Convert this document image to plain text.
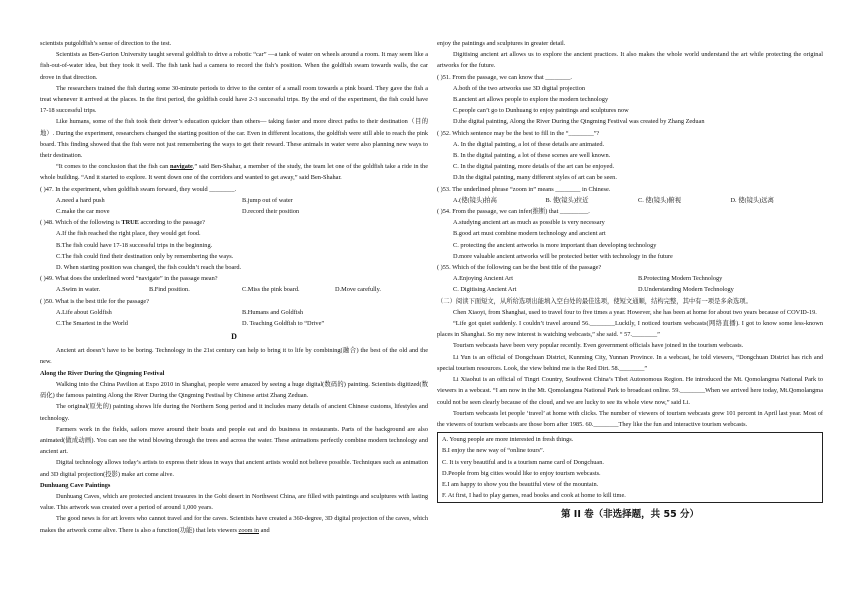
scientists putgoldfish’s sense of direction to the test.

Scientists as Ben-Gurion University taught several goldfish to drive a robotic “car” —a tank of water on wheels around a room. It may seem like a fish-out-of-water idea, but they took it well. The fish tank had a camera to record the fish’s position. When the goldfish swam towards walls, the car drove in that direction.

The researchers trained the fish during some 30-minute periods to drive to the center of a small room towards a pink board. They gave the fish a treat whenever it arrived at the places. In the first period, the goldfish could have 2-3 successful trips. By the end of the experiment, the fish could have 17-18 successful trips.

Like humans, some of the fish took their driver’s education quicker than others— taking faster and more direct paths to their destination（目的地）. During the experiment, researchers changed the starting position of the car. Even in different locations, the goldfish were still able to reach the pink board. This finding showed that the fish were not just remembering the ways to get their reward. These animals in water were also planning new ways to their destination.

“It comes to the conclusion that the fish can navigate,” said Ben-Shahar, a member of the study, the team let one of the goldfish take a ride in the whole building. “And it started to explore. It went down one of the corridors and wanted to get away,” said Ben-Shahar.

( )47. In the experiment, when goldfish swam forward, they would ________.

A.need a hard push	B.jump out of water
C.make the car move	D.record their position

( )48. Which of the following is TRUE according to the passage?

A.If the fish reached the right place, they would get food.
B.The fish could have 17-18 successful trips in the beginning.
C.The fish could find their destination only by remembering the ways.
D. When starting position was changed, the fish couldn’t reach the board.

( )49. What does the underlined word “navigate” in the passage mean?

A.Swim in water.	B.Find position.	C.Miss the pink board.	D.Move carefully.

( )50. What is the best title for the passage?

A.Life about Goldfish	B.Humans and Goldfish
C.The Smartest in the World	D. Teaching Goldfish to “Drive”
D

Ancient art doesn’t have to be boring. Technology in the 21st century can help to bring it to life by combining(融合) the best of the old and the new.

Along the River During the Qingming Festival

Walking into the China Pavilion at Expo 2010 in Shanghai, people were amazed by seeing a huge digital(数码的) painting. Scientists digitized(数码化) the famous painting Along the River During the Qingming Festisal by Chinese artist Zhang Zeduan.

The original(原先的) painting shows life during the Northern Song period and it includes many details of ancient Chinese customs, lifestyles and technology.

Farmers work in the fields, sailors move around their boats and people eat and do business in restaurants. Parts of the background are also animated(做成动画). You can see the wind blowing through the trees and across the water. These animations perfectly combine modern technology and ancient art.

Digital technology allows today’s artists to express their ideas in ways that ancient artists would not believe possible. Techniques such as animation and 3D digital projection(投影) make art come alive.

Dunhuang Cave Paintings

Dunhuang Caves, which are protected ancient treasures in the Gobi desert in Northwest China, are filled with paintings and sculptures with lasting value. This artwork was created over a period of around 1,000 years.

The good news is for art lovers who cannot travel and for the caves. Scientists have created a 360-degree, 3D digital projection of the caves, which makes the artwork come alive. There is also a function(功能) that lets viewers zoom in and

enjoy the paintings and sculptures in greater detail.

Digitising ancient art allows us to explore the ancient practices. It also makes the whole world understand the art while protecting the original artworks for the future.

( )51. From the passage, we can know that ________.

A.both of the two artworks use 3D digital projection
B.ancient art allows people to explore the modern technology
C.people can’t go to Dunhuang to enjoy paintings and sculptures now
D.the digital painting, Along the River During the Qingming Festival was created by Zhang Zeduan

( )52. Which sentence may be the best to fill in the “________”?

A. In the digital painting, a lot of these details are animated.
B. In the digital painting, a lot of these scenes are well known.
C. In the digital painting, more details of the art can be enjoyed.
D.In the digital painting, many different styles of art can be seen.

( )53. The underlined phrase “zoom in” means ________ in Chinese.

A.(使(镜头)拍高	B. 使(镜头)拉近	C. 使(镜头)俯视	D. 使(镜头)远离

( )54. From the passage, we can infer(推断) that _________.

A.studying ancient art as much as possible is very necessary
B.good art must combine modern technology and ancient art
C. protecting the ancient artworks is more important than developing technology
D.more valuable ancient artworks will be protected better with technology in the future

( )55. Which of the following can be the best title of the passage?

A.Enjoying Ancient Art	B.Protecting Modern Technology
C. Digitising Ancient Art	D.Understanding Modern Technology

（二）阅读下面短文，从所给选项出能填入空白处的最佳选项，使短文通顺，结构完整，其中有一项是多余选项。

Chen Xiaoyi, from Shanghai, used to travel four to five times a year. However, she has been at home for about two years because of COVID-19.

“Life got quiet suddenly. I couldn’t travel around 56.________Luckily, I noticed tourism webcasts(网络直播). I got to know some less-known places in Shanghai. So my new interest is watching webcasts,” she said. “ 57.________”

Tourism webcasts have been very popular recently. Even government officials have joined in the tourism webcasts.

Li Yun is an official of Dongchuan District, Kunming City, Yunnan Province. In a webcast, he told viewers, “Dongchuan District has rich and special tourism resources. Look, the view behind me is the Red Dirt. 58.________”

Li Xiaohui is an official of Tingri Country, Southwest China’s Tibet Autonomous Region. He introduced the Mt. Qomolangma National Park to viewers in a webcast. “I am now in the Mt. Qomolangma National Park to broadcast online. 59.________When we arrived here today, Mt.Qomolangma could not be seen clearly because of the cloud, and we are lucky to see its whole view now,” said Li.

Tourism webcasts let people ‘travel’ at home with clicks. The number of viewers of tourism webcasts grew 101 percent in April last year. Most of the viewers of tourism webcasts are those born after 1985. 60.________They like the fun and interactive tourism webcasts.

A. Young people are more interested in fresh things.
B.I enjoy the new way of “online tours”.
C. It is very beautiful and is a tourism name card of Dongchuan.
D.People from big cities would like to enjoy tourism webcasts.
E.I am happy to show you the beautiful view of the mountain.
F. At first, I had to play games, read books and cook at home to kill time.
第 II 卷（非选择题，共 55 分）
